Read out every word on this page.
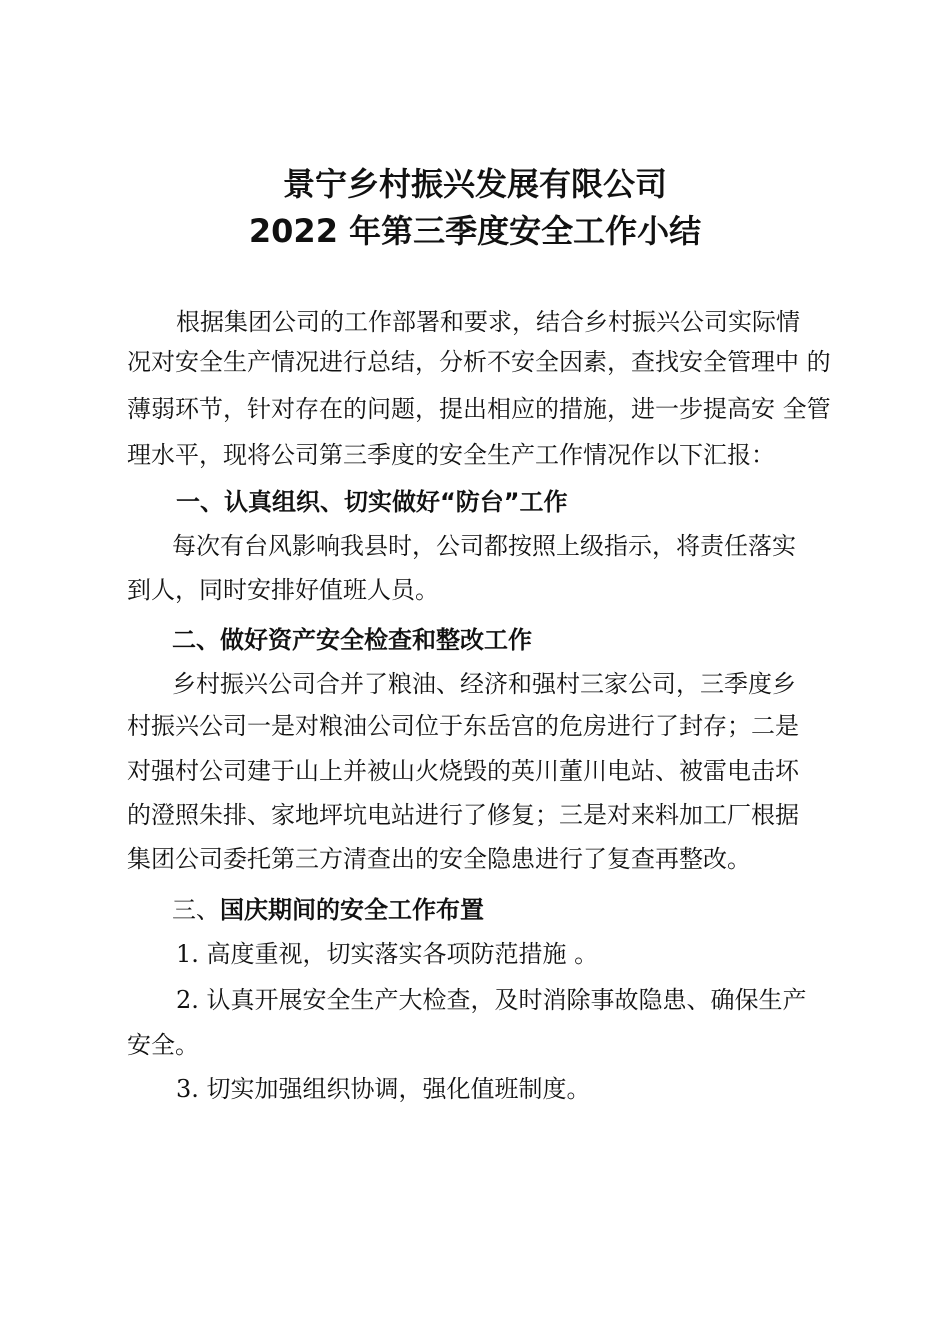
景宁乡村振兴发展有限公司
2022 年第三季度安全工作小结

根据集团公司的工作部署和要求，结合乡村振兴公司实际情

况对安全生产情况进行总结，分析不安全因素，查找安全管理中 的

薄弱环节，针对存在的问题，提出相应的措施，进一步提高安 全管

理水平，现将公司第三季度的安全生产工作情况作以下汇报：

一、认真组织、切实做好“防台”工作

每次有台风影响我县时，公司都按照上级指示，将责任落实

到人，同时安排好值班人员。

二、做好资产安全检查和整改工作

乡村振兴公司合并了粮油、经济和强村三家公司，三季度乡

村振兴公司一是对粮油公司位于东岳宫的危房进行了封存；二是

对强村公司建于山上并被山火烧毁的英川董川电站、被雷电击坏

的澄照朱排、家地坪坑电站进行了修复；三是对来料加工厂根据

集团公司委托第三方清查出的安全隐患进行了复查再整改。

三、国庆期间的安全工作布置

1. 高度重视，切实落实各项防范措施 。

2. 认真开展安全生产大检查，及时消除事故隐患、确保生产

安全。

3. 切实加强组织协调，强化值班制度。
